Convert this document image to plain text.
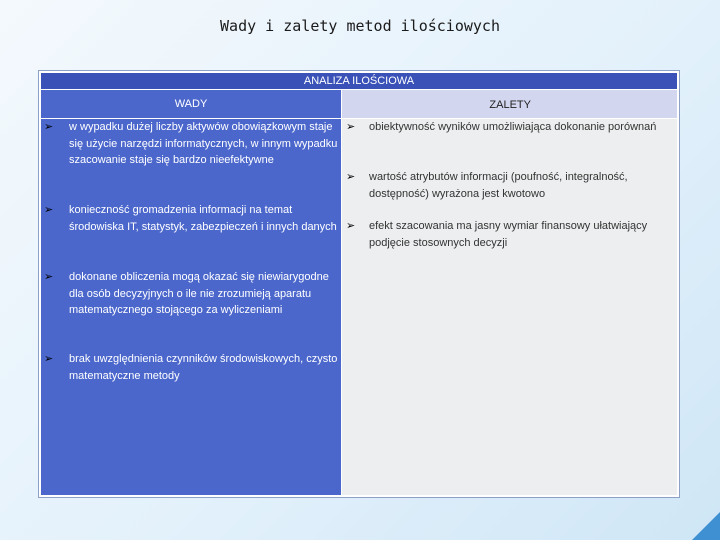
Wady i zalety metod ilościowych
ANALIZA ILOŚCIOWA
WADY	ZALETY
➢ w wypadku dużej liczby aktywów obowiązkowym staje się użycie narzędzi informatycznych, w innym wypadku szacowanie staje się bardzo nieefektywne
➢ konieczność gromadzenia informacji na temat środowiska IT, statystyk, zabezpieczeń i innych danych
➢ dokonane obliczenia mogą okazać się niewiarygodne dla osób decyzyjnych o ile nie zrozumieją aparatu matematycznego stojącego za wyliczeniami
➢ brak uwzględnienia czynników środowiskowych, czysto matematyczne metody
➢ obiektywność wyników umożliwiająca dokonanie porównań
➢ wartość atrybutów informacji (poufność, integralność, dostępność) wyrażona jest kwotowo
➢ efekt szacowania ma jasny wymiar finansowy ułatwiający podjęcie stosownych decyzji
